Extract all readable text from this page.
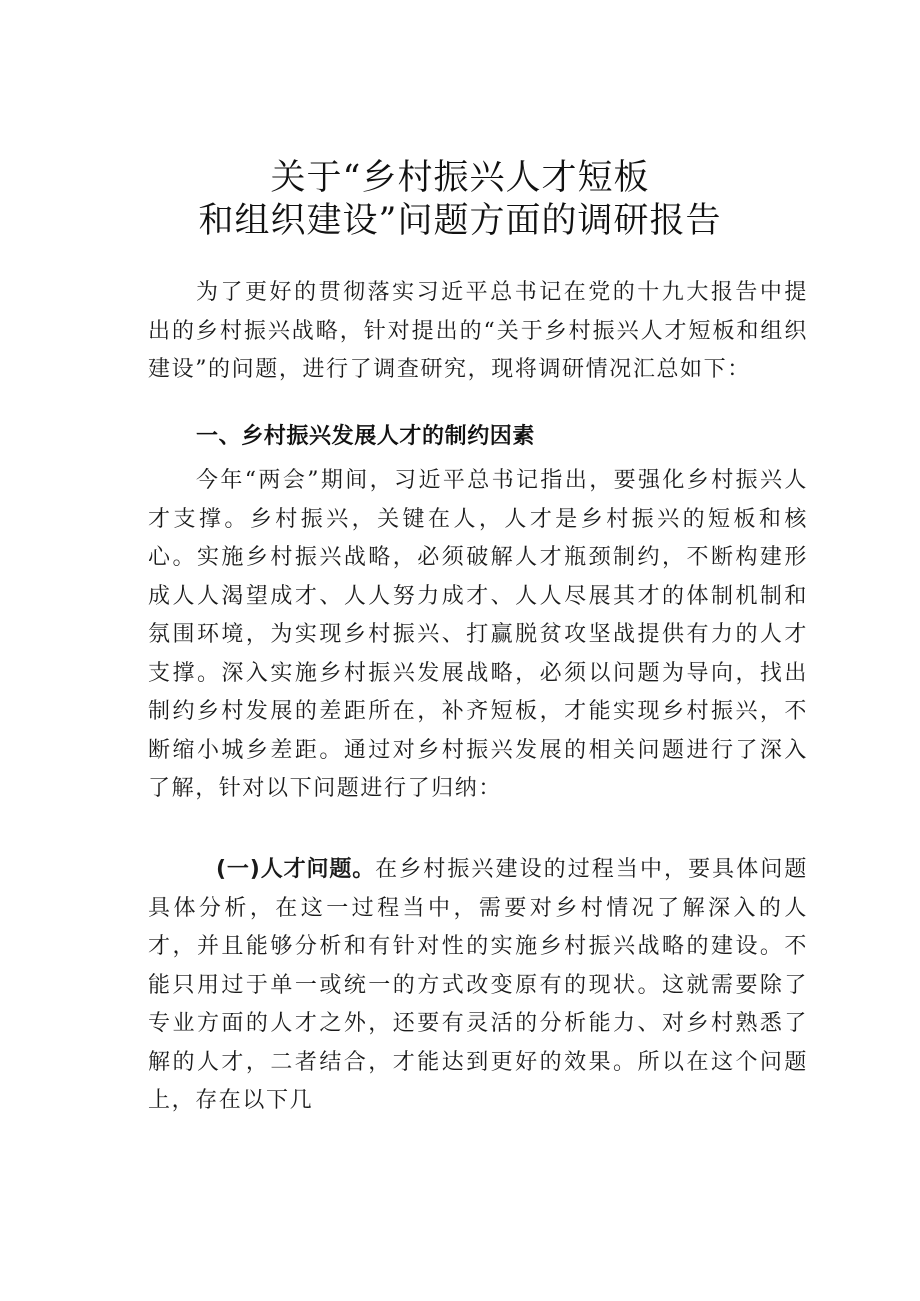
关于“乡村振兴人才短板
和组织建设”问题方面的调研报告

为了更好的贯彻落实习近平总书记在党的十九大报告中提出的乡村振兴战略，针对提出的“关于乡村振兴人才短板和组织建设”的问题，进行了调查研究，现将调研情况汇总如下：

一、乡村振兴发展人才的制约因素

今年“两会”期间，习近平总书记指出，要强化乡村振兴人才支撑。乡村振兴，关键在人，人才是乡村振兴的短板和核心。实施乡村振兴战略，必须破解人才瓶颈制约，不断构建形成人人渴望成才、人人努力成才、人人尽展其才的体制机制和氛围环境，为实现乡村振兴、打赢脱贫攻坚战提供有力的人才支撑。深入实施乡村振兴发展战略，必须以问题为导向，找出制约乡村发展的差距所在，补齐短板，才能实现乡村振兴，不断缩小城乡差距。通过对乡村振兴发展的相关问题进行了深入了解，针对以下问题进行了归纳：

(一)人才问题。在乡村振兴建设的过程当中，要具体问题具体分析，在这一过程当中，需要对乡村情况了解深入的人才，并且能够分析和有针对性的实施乡村振兴战略的建设。不能只用过于单一或统一的方式改变原有的现状。这就需要除了专业方面的人才之外，还要有灵活的分析能力、对乡村熟悉了解的人才，二者结合，才能达到更好的效果。所以在这个问题上，存在以下几
